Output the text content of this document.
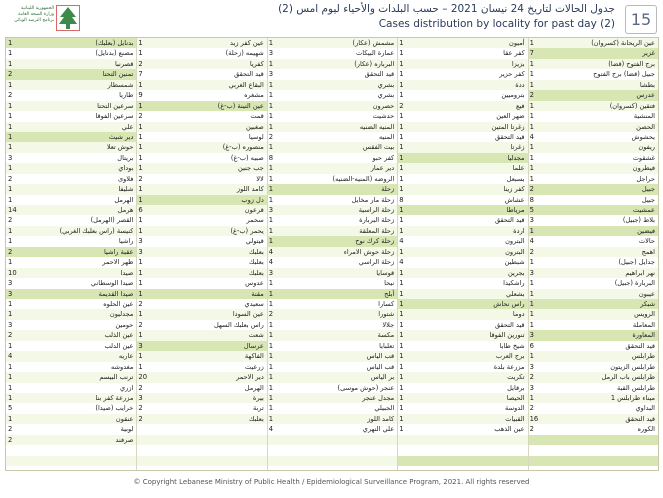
الجمهورية اللبنانية
وزارة الصحة العامة
برنامج الترصد الوبائي
جدول الحالات لتاريخ 24 نيسان 2021 – حسب البلدات والأحياء ليوم امس (2)
Cases distribution by locality for past day (2) 15
عين الريحانة (كسروان)
1
غزير
7
برج الفتوح (قضا)
1
جبيل (قضا) برج الفتوح
1
بطشا
1
عدرس
2
فتقين (كسروان)
1
المنشية
1
الحصن
1
يحشوش
4
ريفون
1
غشقوت
1
فيطرون
1
حراجل
1
جبيل
2
جبيل
8
عمشيت
5
بلاط (جبيل)
3
فيضين
1
حالات
4
اهمج
2
جدايل (جبيل)
1
نهر ابراهيم
3
البربارة (جبيل)
1
عيبون
1
شبكر
1
الرويس
1
المعاملة
1
المعاورة
3
قيد التحقق
6
طرابلس
1
طرابلس الزيتون
3
طرابلس باب الرمل
2
طرابلس القبة
3
ميناء طرابلس 1
1
البداوي
2
قيد التحقق
16
الكوره
2
أميون
1
كفر عقا
1
بزيزا
1
كفر حزير
1
ددة
1
بتروميين
1
فيع
2
ضهر العين
1
زغرتا المتين
1
قيد التحقق
1
زغرتا
1
مجدليا
1
علما
1
بسبعل
1
كفر زينا
1
عشاش
8
مرياطا
1
قيد التحقق
1
اردة
1
البترون
4
البترون
1
شبطين
4
بجرين
1
راشكيدا
1
بشعلي
1
راس نحاش
1
دوما
1
قيد التحقق
1
تنورين الفوقا
1
شيخ طابا
1
برج العرب
1
مزرعة بلدة
1
تكريت
1
برقايل
1
الحيصا
1
الدوسة
1
القبيات
1
عين الذهب
1
مشمش (عكار)
1
عمارة البيكات
3
البرباره (عكار)
1
قيد التحقق
3
بشري
1
بشري
1
حصرون
1
حدشيت
1
المنيه الضنيه
1
المنيه
2
بيت الفقس
1
كفر حبو
8
دير عمار
1
الروضه (المنيه-الضنيه)
1
زحلة
1
زحلة مار مخايل
1
زحلة الراسية
3
زحلة البربارة
1
زحلة المعلقة
1
زحلة كرك نوح
1
زحلة حوش الامراء
4
زحلة الراسي
4
قوسايا
3
نيحا
1
أبلح
1
كسارا
1
شتورا
2
جلالا
1
مكسة
1
تعلبايا
1
قب الياس
1
قب الياس
1
بر الياس
1
عنجر (حوش موسى)
1
مجدل عنجر
1
الجبيلي
1
كامد اللوز
1
علي النهري
4
عين كفر زيد
1
شهيمه (زحلة)
1
كفريا
2
قيد التحقق
7
البقاع الغربي
1
مشغره
9
عين التينة (ب-غ)
1
قمت
2
صغبين
1
لوسيا
1
منصوره (ب-غ)
1
صبيه (ب-غ)
1
جب جنين
1
لالا
2
كامد اللوز
1
دل زوب
1
قرعون
6
سحمر
1
يحمر (ب-غ)
1
قيتولي
3
بعلبك
3
بعلبك
1
بعلبك
1
عدوس
1
مقنة
1
سعيدي
2
عين السودا
1
راس بعلبك السهل
2
شعت
1
عرسال
3
الفاكهة
1
زرعيت
1
دير الاحمر
20
الهرمل
2
بيرة
3
تربة
2
بعلبك
2
بدنايل (بعلبك)
1
مصنع (بدنايل)
1
قصرنبا
1
تمنين التحتا
2
شمسطار
1
طاريا
2
سرعين التحتا
1
سرعين الفوقا
1
علي
1
دير شيث
1
حوش تعلا
1
بريتال
3
بوداي
1
فلاوى
2
شليفا
1
الهرمل
1
هرمل
14
القصر (الهرمل)
2
كنيسة (راس بعلبك الغربي)
1
راشيا
1
عقبة راشيا
2
ظهر الاحمر
1
صيدا
10
صيدا الوسطاني
3
صيدا القديمة
3
عين الحلوه
1
مجدليون
1
حومين
3
عين الذلب
2
عين الدلب
1
عاريه
4
مغدوشه
1
ترنب البيسم
1
ازري
1
مزرعة كفر بنا
1
خرايب (صيدا)
5
عنقون
1
لوبية
2
صرفند
2
© Copyright Lebanese Ministry of Public Health / Epidemiological Surveillance Program, 2021. All rights reserved
